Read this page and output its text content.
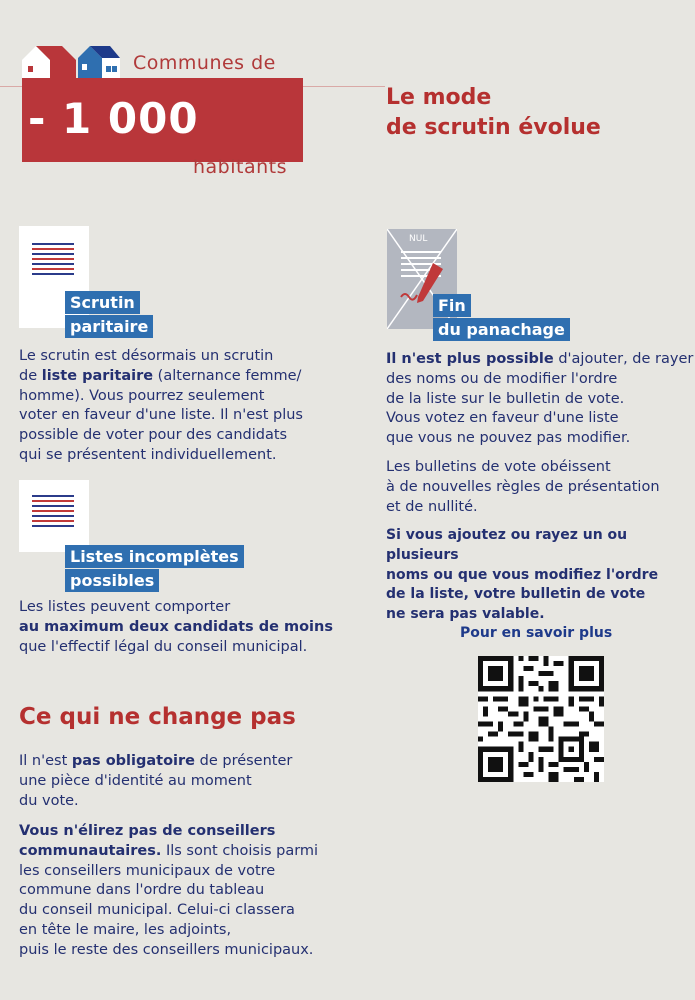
Communes de
- 1 000
habitants
Le mode
de scrutin évolue
Scrutin
paritaire
Le scrutin est désormais un scrutin
de liste paritaire (alternance femme/
homme). Vous pourrez seulement
voter en faveur d'une liste. Il n'est plus
possible de voter pour des candidats
qui se présentent individuellement.
Listes incomplètes
possibles
Les listes peuvent comporter
au maximum deux candidats de moins
que l'effectif légal du conseil municipal.
Ce qui ne change pas
Il n'est pas obligatoire de présenter
une pièce d'identité au moment
du vote.
Vous n'élirez pas de conseillers
communautaires. Ils sont choisis parmi
les conseillers municipaux de votre
commune dans l'ordre du tableau
du conseil municipal. Celui-ci classera
en tête le maire, les adjoints,
puis le reste des conseillers municipaux.
NUL
Fin
du panachage
Il n'est plus possible d'ajouter, de rayer
des noms ou de modifier l'ordre
de la liste sur le bulletin de vote.
Vous votez en faveur d'une liste
que vous ne pouvez pas modifier.
Les bulletins de vote obéissent
à de nouvelles règles de présentation
et de nullité.
Si vous ajoutez ou rayez un ou plusieurs
noms ou que vous modifiez l'ordre
de la liste, votre bulletin de vote
ne sera pas valable.
Pour en savoir plus
